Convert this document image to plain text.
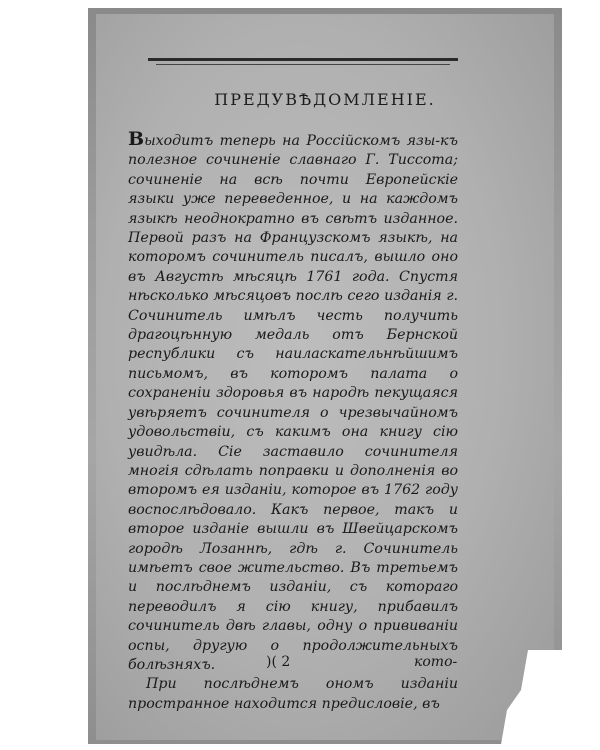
ПРЕДУВѢДОМЛЕНІЕ.

Выходитъ теперь на Россійскомъ язы-къ полезное сочиненіе славнаго Г. Тиссота; сочиненіе на всѣ почти Европейскіе языки уже переведенное, и на каждомъ языкѣ неоднократно въ свѣтъ изданное. Первой разъ на Французскомъ языкѣ, на которомъ сочинитель писалъ, вышло оно въ Августѣ мѣсяцѣ 1761 года. Спустя нѣсколько мѣсяцовъ послѣ сего изданія г. Сочинитель имѣлъ честь получить драгоцѣнную медаль отъ Бернской республики съ наиласкательнѣйшимъ письмомъ, въ которомъ палата о сохраненіи здоровья въ народѣ пекущаяся увѣряетъ сочинителя о чрезвычайномъ удовольствіи, съ какимъ она книгу сію увидѣла. Сіе заставило сочинителя многія сдѣлать поправки и дополненія во второмъ ея изданіи, которое въ 1762 году воспослѣдовало. Какъ первое, такъ и второе изданіе вышли въ Швейцарскомъ городѣ Лозаннѣ, гдѣ г. Сочинитель имѣетъ свое жительство. Въ третьемъ и послѣднемъ изданіи, съ котораго переводилъ я сію книгу, прибавилъ сочинитель двѣ главы, одну о прививаніи оспы, другую о продолжительныхъ болѣзняхъ.

При послѣднемъ ономъ изданіи пространное находится предисловіе, въ

)( 2	кото-
